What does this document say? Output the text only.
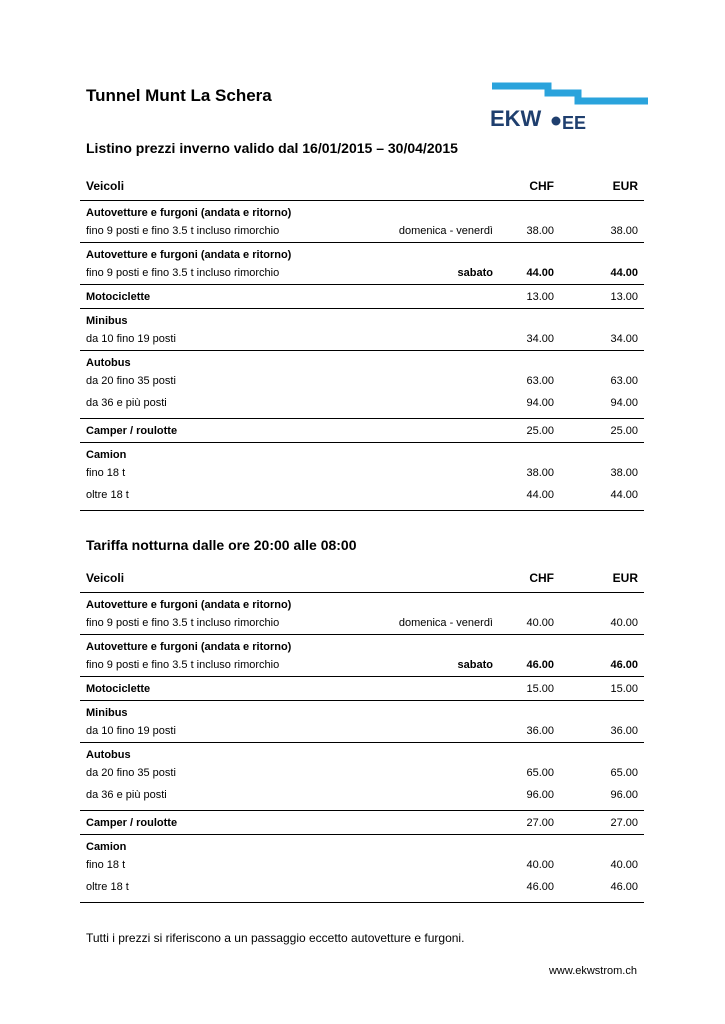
Tunnel Munt La Schera
EKW EE
Listino prezzi inverno valido dal 16/01/2015 – 30/04/2015
Veicoli	CHF	EUR
Autovetture e furgoni (andata e ritorno)
fino 9 posti e fino 3.5 t incluso rimorchio	domenica - venerdì	38.00	38.00
Autovetture e furgoni (andata e ritorno)
fino 9 posti e fino 3.5 t incluso rimorchio	sabato	44.00	44.00
Motociclette	13.00	13.00
Minibus
da 10 fino 19 posti	34.00	34.00
Autobus
da 20 fino 35 posti	63.00	63.00
da 36 e più posti	94.00	94.00
Camper / roulotte	25.00	25.00
Camion
fino 18 t	38.00	38.00
oltre 18 t	44.00	44.00
Tariffa notturna dalle ore 20:00 alle 08:00
Veicoli	CHF	EUR
Autovetture e furgoni (andata e ritorno)
fino 9 posti e fino 3.5 t incluso rimorchio	domenica - venerdì	40.00	40.00
Autovetture e furgoni (andata e ritorno)
fino 9 posti e fino 3.5 t incluso rimorchio	sabato	46.00	46.00
Motociclette	15.00	15.00
Minibus
da 10 fino 19 posti	36.00	36.00
Autobus
da 20 fino 35 posti	65.00	65.00
da 36 e più posti	96.00	96.00
Camper / roulotte	27.00	27.00
Camion
fino 18 t	40.00	40.00
oltre 18 t	46.00	46.00
Tutti i prezzi si riferiscono a un passaggio eccetto autovetture e furgoni.
www.ekwstrom.ch
